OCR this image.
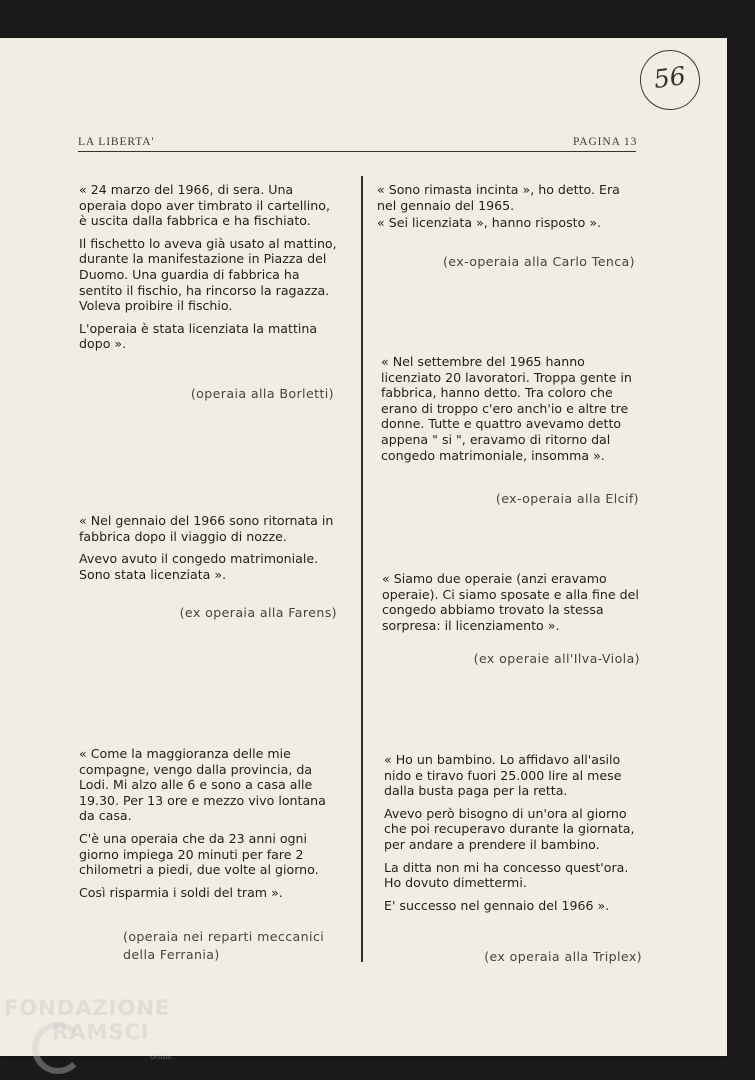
56
LA LIBERTA'	PAGINA 13

« 24 marzo del 1966, di sera. Una operaia dopo aver timbrato il cartellino, è uscita dalla fabbrica e ha fischiato.

Il fischetto lo aveva già usato al mattino, durante la manifestazione in Piazza del Duomo. Una guardia di fabbrica ha sentito il fischio, ha rincorso la ragazza. Voleva proibire il fischio.

L'operaia è stata licenziata la mattina dopo ».

(operaia alla Borletti)

« Nel gennaio del 1966 sono ritornata in fabbrica dopo il viaggio di nozze.

Avevo avuto il congedo matrimoniale. Sono stata licenziata ».

(ex operaia alla Farens)

« Come la maggioranza delle mie compagne, vengo dalla provincia, da Lodi. Mi alzo alle 6 e sono a casa alle 19.30. Per 13 ore e mezzo vivo lontana da casa.

C'è una operaia che da 23 anni ogni giorno impiega 20 minuti per fare 2 chilometri a piedi, due volte al giorno.

Così risparmia i soldi del tram ».

(operaia nei reparti meccanici
della Ferrania)

« Sono rimasta incinta », ho detto. Era nel gennaio del 1965.

« Sei licenziata », hanno risposto ».

(ex-operaia alla Carlo Tenca)

« Nel settembre del 1965 hanno licenziato 20 lavoratori. Troppa gente in fabbrica, hanno detto. Tra coloro che erano di troppo c'ero anch'io e altre tre donne. Tutte e quattro avevamo detto appena " si ", eravamo di ritorno dal congedo matrimoniale, insomma ».

(ex-operaia alla Elcif)

« Siamo due operaie (anzi eravamo operaie). Ci siamo sposate e alla fine del congedo abbiamo trovato la stessa sorpresa: il licenziamento ».

(ex operaie all'Ilva-Viola)

« Ho un bambino. Lo affidavo all'asilo nido e tiravo fuori 25.000 lire al mese dalla busta paga per la retta.

Avevo però bisogno di un'ora al giorno che poi recuperavo durante la giornata, per andare a prendere il bambino.

La ditta non mi ha concesso quest'ora. Ho dovuto dimettermi.

E' successo nel gennaio del 1966 ».

(ex operaia alla Triplex)
FONDAZIONE
RAMSCI
onlus
